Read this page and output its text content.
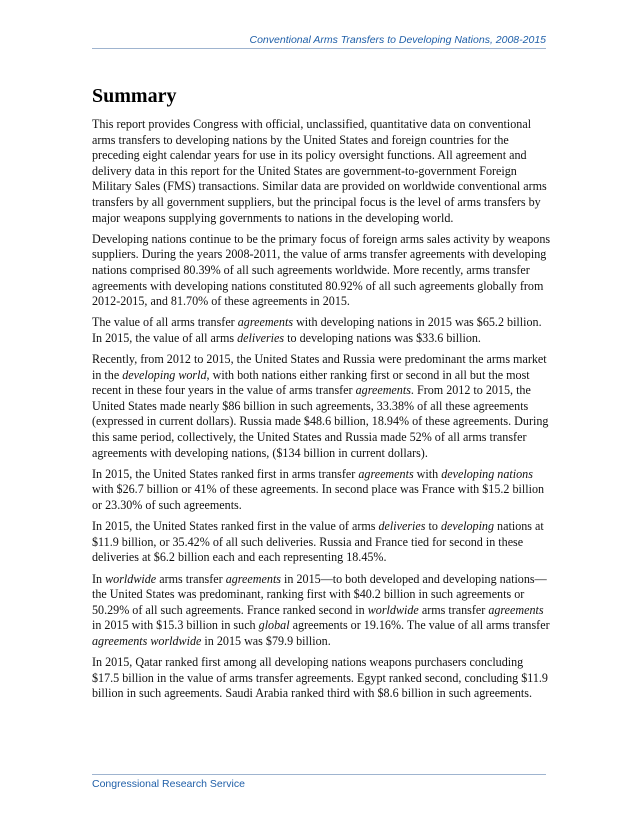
Conventional Arms Transfers to Developing Nations, 2008-2015
Summary

This report provides Congress with official, unclassified, quantitative data on conventional arms transfers to developing nations by the United States and foreign countries for the preceding eight calendar years for use in its policy oversight functions. All agreement and delivery data in this report for the United States are government-to-government Foreign Military Sales (FMS) transactions. Similar data are provided on worldwide conventional arms transfers by all government suppliers, but the principal focus is the level of arms transfers by major weapons supplying governments to nations in the developing world.

Developing nations continue to be the primary focus of foreign arms sales activity by weapons suppliers. During the years 2008-2011, the value of arms transfer agreements with developing nations comprised 80.39% of all such agreements worldwide. More recently, arms transfer agreements with developing nations constituted 80.92% of all such agreements globally from 2012-2015, and 81.70% of these agreements in 2015.

The value of all arms transfer agreements with developing nations in 2015 was $65.2 billion. In 2015, the value of all arms deliveries to developing nations was $33.6 billion.

Recently, from 2012 to 2015, the United States and Russia were predominant the arms market in the developing world, with both nations either ranking first or second in all but the most recent in these four years in the value of arms transfer agreements. From 2012 to 2015, the United States made nearly $86 billion in such agreements, 33.38% of all these agreements (expressed in current dollars). Russia made $48.6 billion, 18.94% of these agreements. During this same period, collectively, the United States and Russia made 52% of all arms transfer agreements with developing nations, ($134 billion in current dollars).

In 2015, the United States ranked first in arms transfer agreements with developing nations with $26.7 billion or 41% of these agreements. In second place was France with $15.2 billion or 23.30% of such agreements.

In 2015, the United States ranked first in the value of arms deliveries to developing nations at $11.9 billion, or 35.42% of all such deliveries. Russia and France tied for second in these deliveries at $6.2 billion each and each representing 18.45%.

In worldwide arms transfer agreements in 2015—to both developed and developing nations—the United States was predominant, ranking first with $40.2 billion in such agreements or 50.29% of all such agreements. France ranked second in worldwide arms transfer agreements in 2015 with $15.3 billion in such global agreements or 19.16%. The value of all arms transfer agreements worldwide in 2015 was $79.9 billion.

In 2015, Qatar ranked first among all developing nations weapons purchasers concluding $17.5 billion in the value of arms transfer agreements. Egypt ranked second, concluding $11.9 billion in such agreements. Saudi Arabia ranked third with $8.6 billion in such agreements.

Congressional Research Service
